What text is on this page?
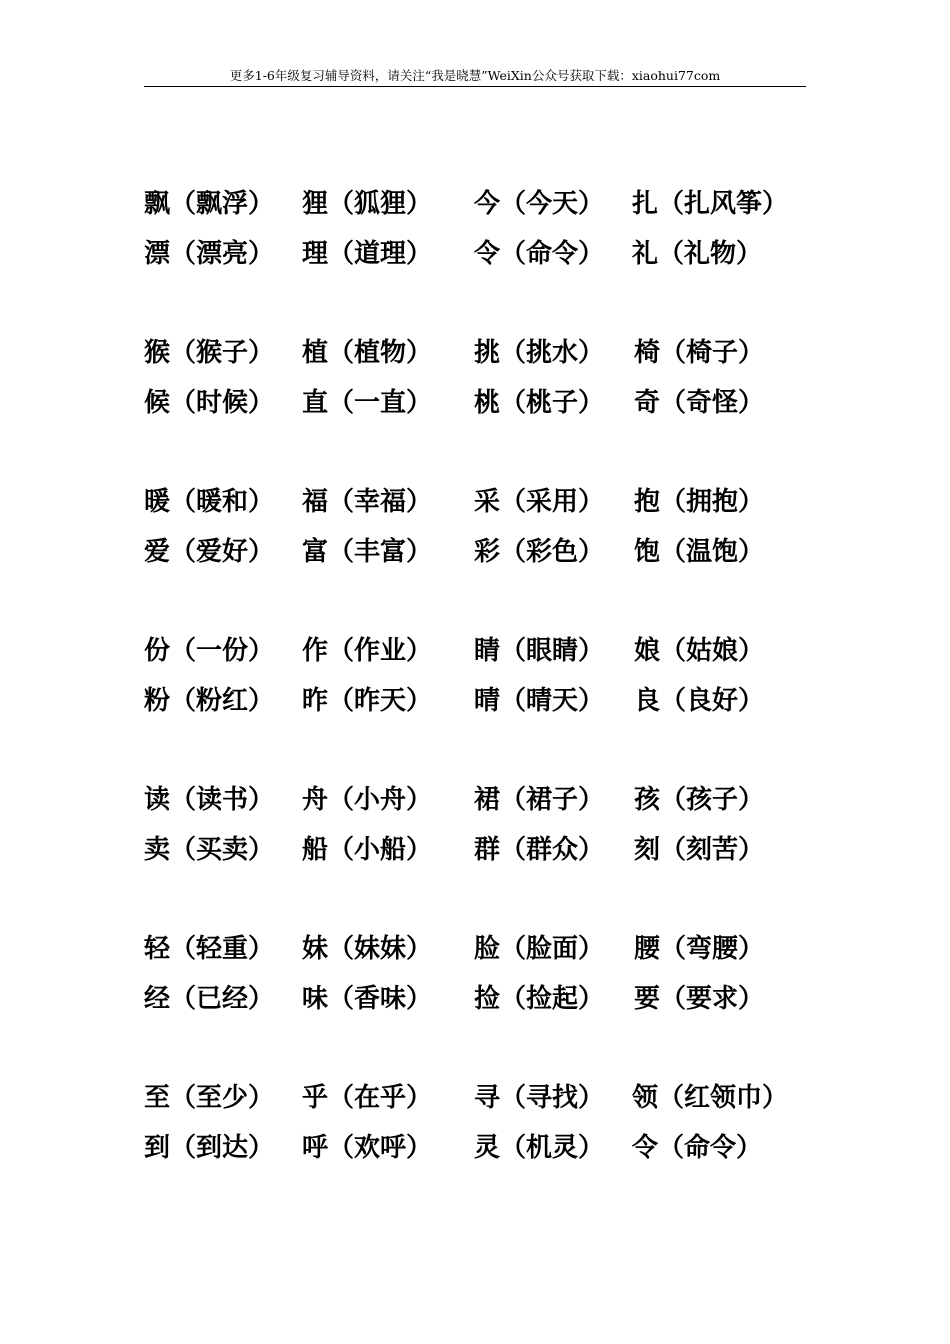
更多1-6年级复习辅导资料，请关注“我是晓慧”WeiXin公众号获取下载：xiaohui77com
飘（飘浮）	狸（狐狸）	今（今天）	扎（扎风筝）
漂（漂亮）	理（道理）	令（命令）	礼（礼物）
猴（猴子）	植（植物）	挑（挑水）	椅（椅子）
候（时候）	直（一直）	桃（桃子）	奇（奇怪）
暖（暖和）	福（幸福）	采（采用）	抱（拥抱）
爱（爱好）	富（丰富）	彩（彩色）	饱（温饱）
份（一份）	作（作业）	睛（眼睛）	娘（姑娘）
粉（粉红）	昨（昨天）	晴（晴天）	良（良好）
读（读书）	舟（小舟）	裙（裙子）	孩（孩子）
卖（买卖）	船（小船）	群（群众）	刻（刻苦）
轻（轻重）	妹（妹妹）	脸（脸面）	腰（弯腰）
经（已经）	味（香味）	捡（捡起）	要（要求）
至（至少）	乎（在乎）	寻（寻找）	领（红领巾）
到（到达）	呼（欢呼）	灵（机灵）	令（命令）
